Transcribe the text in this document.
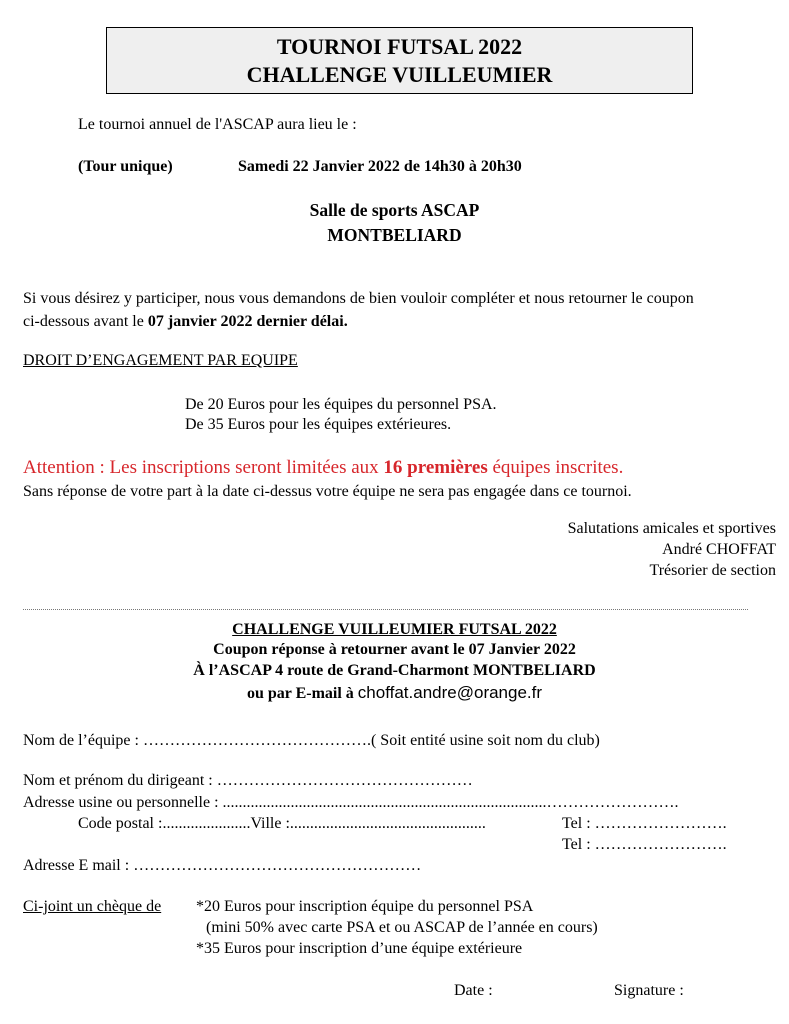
TOURNOI FUTSAL 2022
CHALLENGE VUILLEUMIER
Le tournoi annuel de l'ASCAP aura lieu le :
(Tour unique)	Samedi 22 Janvier 2022 de 14h30 à 20h30
Salle de sports ASCAP
MONTBELIARD
Si vous désirez y participer, nous vous demandons de bien vouloir compléter et nous retourner le coupon
ci-dessous avant le 07 janvier 2022 dernier délai.
DROIT D’ENGAGEMENT PAR EQUIPE
De 20 Euros pour les équipes du personnel PSA.
De 35 Euros pour les équipes extérieures.
Attention : Les inscriptions seront limitées aux 16 premières équipes inscrites.
Sans réponse de votre part à la date ci-dessus votre équipe ne sera pas engagée dans ce tournoi.
Salutations amicales et sportives
André CHOFFAT
Trésorier de section
CHALLENGE VUILLEUMIER FUTSAL 2022
Coupon réponse à retourner avant le 07 Janvier 2022
À l’ASCAP 4 route de Grand-Charmont MONTBELIARD
ou par E-mail à choffat.andre@orange.fr
Nom de l’équipe : …………………………………….( Soit entité usine soit nom du club)
Nom et prénom du dirigeant : …………………………………………
Adresse usine ou personnelle : .................................................................................…………………….
Code postal :......................Ville :.................................................	Tel : …………………….
Tel : …………………….
Adresse E mail : ………………………………………………
Ci-joint un chèque de *20 Euros pour inscription équipe du personnel PSA
(mini 50% avec carte PSA et ou ASCAP de l’année en cours)
*35 Euros pour inscription d’une équipe extérieure
Date :	Signature :
